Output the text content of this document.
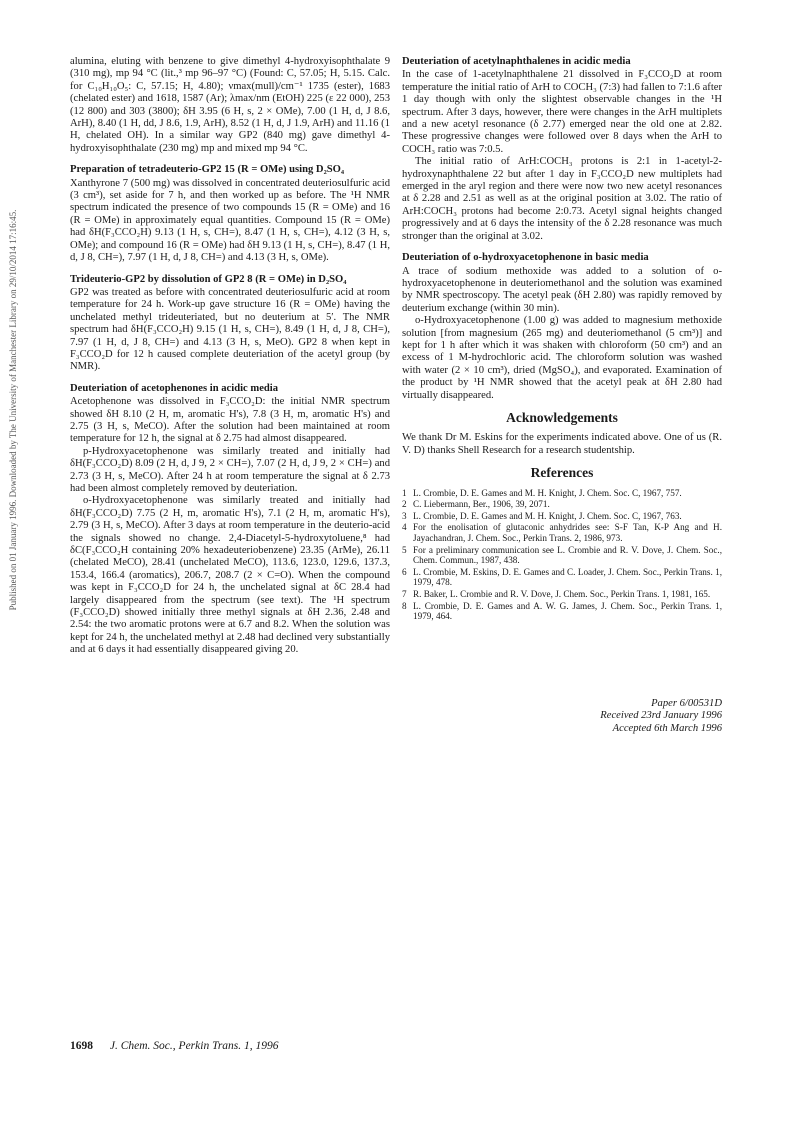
Published on 01 January 1996. Downloaded by The University of Manchester Library on 29/10/2014 17:16:45.

alumina, eluting with benzene to give dimethyl 4-hydroxyisophthalate 9 (310 mg), mp 94 °C (lit.,³ mp 96–97 °C) (Found: C, 57.05; H, 5.15. Calc. for C₁₀H₁₀O₅: C, 57.15; H, 4.80); νmax(mull)/cm⁻¹ 1735 (ester), 1683 (chelated ester) and 1618, 1587 (Ar); λmax/nm (EtOH) 225 (ε 22 000), 253 (12 800) and 303 (3800); δH 3.95 (6 H, s, 2 × OMe), 7.00 (1 H, d, J 8.6, ArH), 8.40 (1 H, dd, J 8.6, 1.9, ArH), 8.52 (1 H, d, J 1.9, ArH) and 11.16 (1 H, chelated OH). In a similar way GP2 (840 mg) gave dimethyl 4-hydroxyisophthalate (230 mg) mp and mixed mp 94 °C.

Preparation of tetradeuterio-GP2 15 (R = OMe) using D₂SO₄

Xanthyrone 7 (500 mg) was dissolved in concentrated deuteriosulfuric acid (3 cm³), set aside for 7 h, and then worked up as before. The ¹H NMR spectrum indicated the presence of two compounds 15 (R = OMe) and 16 (R = OMe) in approximately equal quantities. Compound 15 (R = OMe) had δH(F₃CCO₂H) 9.13 (1 H, s, CH=), 8.47 (1 H, s, CH=), 4.12 (3 H, s, OMe); and compound 16 (R = OMe) had δH 9.13 (1 H, s, CH=), 8.47 (1 H, d, J 8, CH=), 7.97 (1 H, d, J 8, CH=) and 4.13 (3 H, s, OMe).

Trideuterio-GP2 by dissolution of GP2 8 (R = OMe) in D₂SO₄

GP2 was treated as before with concentrated deuteriosulfuric acid at room temperature for 24 h. Work-up gave structure 16 (R = OMe) having the unchelated methyl trideuteriated, but no deuterium at 5′. The NMR spectrum had δH(F₃CCO₂H) 9.15 (1 H, s, CH=), 8.49 (1 H, d, J 8, CH=), 7.97 (1 H, d, J 8, CH=) and 4.13 (3 H, s, MeO). GP2 8 when kept in F₃CCO₂D for 12 h caused complete deuteriation of the acetyl group (by NMR).

Deuteriation of acetophenones in acidic media

Acetophenone was dissolved in F₃CCO₂D: the initial NMR spectrum showed δH 8.10 (2 H, m, aromatic H's), 7.8 (3 H, m, aromatic H's) and 2.75 (3 H, s, MeCO). After the solution had been maintained at room temperature for 12 h, the signal at δ 2.75 had almost disappeared.

p-Hydroxyacetophenone was similarly treated and initially had δH(F₃CCO₂D) 8.09 (2 H, d, J 9, 2 × CH=), 7.07 (2 H, d, J 9, 2 × CH=) and 2.73 (3 H, s, MeCO). After 24 h at room temperature the signal at δ 2.73 had been almost completely removed by deuteriation.

o-Hydroxyacetophenone was similarly treated and initially had δH(F₃CCO₂D) 7.75 (2 H, m, aromatic H's), 7.1 (2 H, m, aromatic H's), 2.79 (3 H, s, MeCO). After 3 days at room temperature in the deuterio-acid the signals showed no change. 2,4-Diacetyl-5-hydroxytoluene,⁸ had δC(F₃CCO₂H containing 20% hexadeuteriobenzene) 23.35 (ArMe), 26.11 (chelated MeCO), 28.41 (unchelated MeCO), 113.6, 123.0, 129.6, 137.3, 153.4, 166.4 (aromatics), 206.7, 208.7 (2 × C=O). When the compound was kept in F₃CCO₂D for 24 h, the unchelated signal at δC 28.4 had largely disappeared from the spectrum (see text). The ¹H spectrum (F₃CCO₂D) showed initially three methyl signals at δH 2.36, 2.48 and 2.54: the two aromatic protons were at 6.7 and 8.2. When the solution was kept for 24 h, the unchelated methyl at 2.48 had declined very substantially and at 6 days it had essentially disappeared giving 20.

Deuteriation of acetylnaphthalenes in acidic media

In the case of 1-acetylnaphthalene 21 dissolved in F₃CCO₂D at room temperature the initial ratio of ArH to COCH₃ (7:3) had fallen to 7:1.6 after 1 day though with only the slightest observable changes in the ¹H spectrum. After 3 days, however, there were changes in the ArH multiplets and a new acetyl resonance (δ 2.77) emerged near the old one at 2.82. These progressive changes were followed over 8 days when the ArH to COCH₃ ratio was 7:0.5.

The initial ratio of ArH:COCH₃ protons is 2:1 in 1-acetyl-2-hydroxynaphthalene 22 but after 1 day in F₃CCO₂D new multiplets had emerged in the aryl region and there were now two new acetyl resonances at δ 2.28 and 2.51 as well as at the original position at 3.02. The ratio of ArH:COCH₃ protons had become 2:0.73. Acetyl signal heights changed progressively and at 6 days the intensity of the δ 2.28 resonance was much stronger than the original at 3.02.

Deuteriation of o-hydroxyacetophenone in basic media

A trace of sodium methoxide was added to a solution of o-hydroxyacetophenone in deuteriomethanol and the solution was examined by NMR spectroscopy. The acetyl peak (δH 2.80) was rapidly removed by deuterium exchange (within 30 min).

o-Hydroxyacetophenone (1.00 g) was added to magnesium methoxide solution [from magnesium (265 mg) and deuteriomethanol (5 cm³)] and kept for 1 h after which it was shaken with chloroform (50 cm³) and an excess of 1 M-hydrochloric acid. The chloroform solution was washed with water (2 × 10 cm³), dried (MgSO₄), and evaporated. Examination of the product by ¹H NMR showed that the acetyl peak at δH 2.80 had virtually disappeared.

Acknowledgements

We thank Dr M. Eskins for the experiments indicated above. One of us (R. V. D) thanks Shell Research for a research studentship.

References
1 L. Crombie, D. E. Games and M. H. Knight, J. Chem. Soc. C, 1967, 757.
2 C. Liebermann, Ber., 1906, 39, 2071.
3 L. Crombie, D. E. Games and M. H. Knight, J. Chem. Soc. C, 1967, 763.
4 For the enolisation of glutaconic anhydrides see: S-F Tan, K-P Ang and H. Jayachandran, J. Chem. Soc., Perkin Trans. 2, 1986, 973.
5 For a preliminary communication see L. Crombie and R. V. Dove, J. Chem. Soc., Chem. Commun., 1987, 438.
6 L. Crombie, M. Eskins, D. E. Games and C. Loader, J. Chem. Soc., Perkin Trans. 1, 1979, 478.
7 R. Baker, L. Crombie and R. V. Dove, J. Chem. Soc., Perkin Trans. 1, 1981, 165.
8 L. Crombie, D. E. Games and A. W. G. James, J. Chem. Soc., Perkin Trans. 1, 1979, 464.
Paper 6/00531D
Received 23rd January 1996
Accepted 6th March 1996
1698 J. Chem. Soc., Perkin Trans. 1, 1996
